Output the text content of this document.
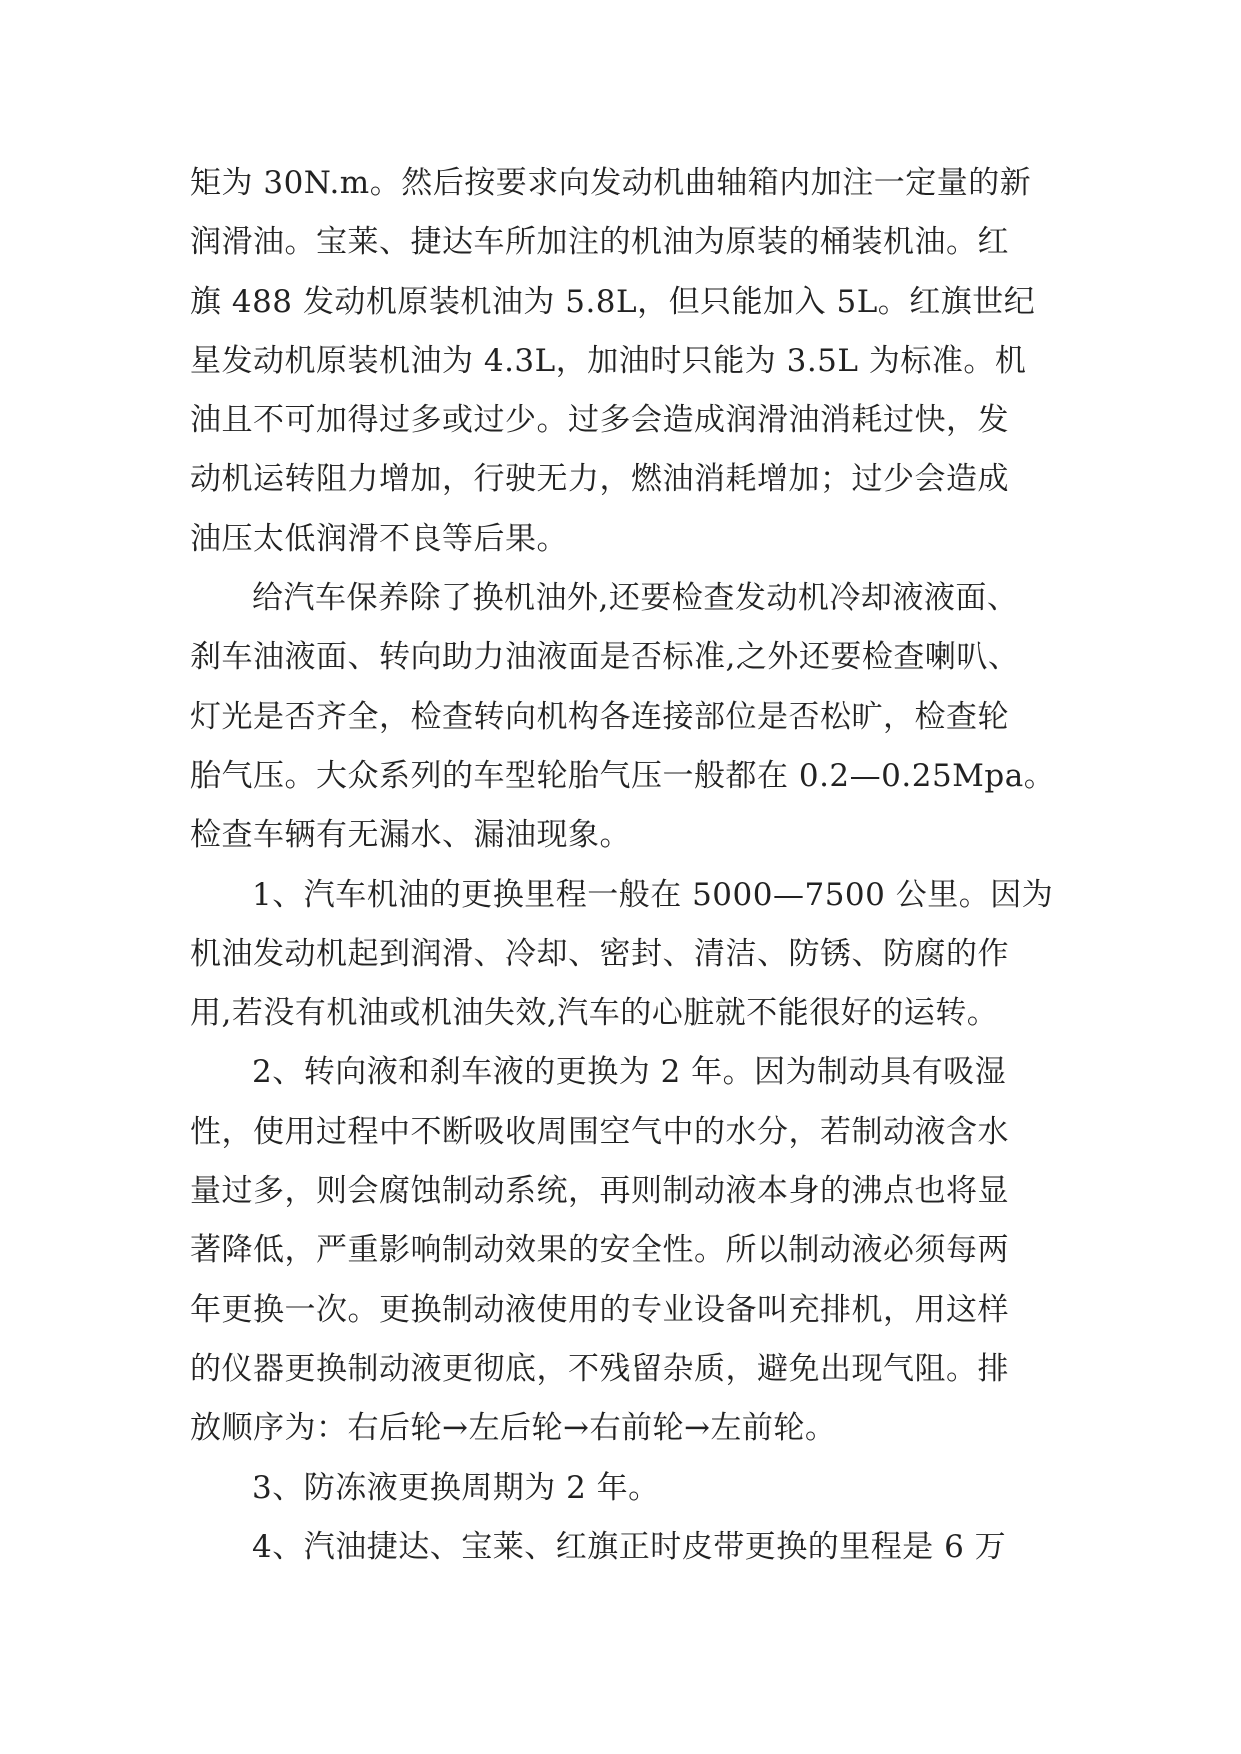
矩为 30N.m。然后按要求向发动机曲轴箱内加注一定量的新
润滑油。宝莱、捷达车所加注的机油为原装的桶装机油。红
旗 488 发动机原装机油为 5.8L，但只能加入 5L。红旗世纪
星发动机原装机油为 4.3L，加油时只能为 3.5L 为标准。机
油且不可加得过多或过少。过多会造成润滑油消耗过快，发
动机运转阻力增加，行驶无力，燃油消耗增加；过少会造成
油压太低润滑不良等后果。
给汽车保养除了换机油外,还要检查发动机冷却液液面、
刹车油液面、转向助力油液面是否标准,之外还要检查喇叭、
灯光是否齐全，检查转向机构各连接部位是否松旷，检查轮
胎气压。大众系列的车型轮胎气压一般都在 0.2—0.25Mpa。
检查车辆有无漏水、漏油现象。
1、汽车机油的更换里程一般在 5000—7500 公里。因为
机油发动机起到润滑、冷却、密封、清洁、防锈、防腐的作
用,若没有机油或机油失效,汽车的心脏就不能很好的运转。
2、转向液和刹车液的更换为 2 年。因为制动具有吸湿
性，使用过程中不断吸收周围空气中的水分，若制动液含水
量过多，则会腐蚀制动系统，再则制动液本身的沸点也将显
著降低，严重影响制动效果的安全性。所以制动液必须每两
年更换一次。更换制动液使用的专业设备叫充排机，用这样
的仪器更换制动液更彻底，不残留杂质，避免出现气阻。排
放顺序为：右后轮→左后轮→右前轮→左前轮。
3、防冻液更换周期为 2 年。
4、汽油捷达、宝莱、红旗正时皮带更换的里程是 6 万
